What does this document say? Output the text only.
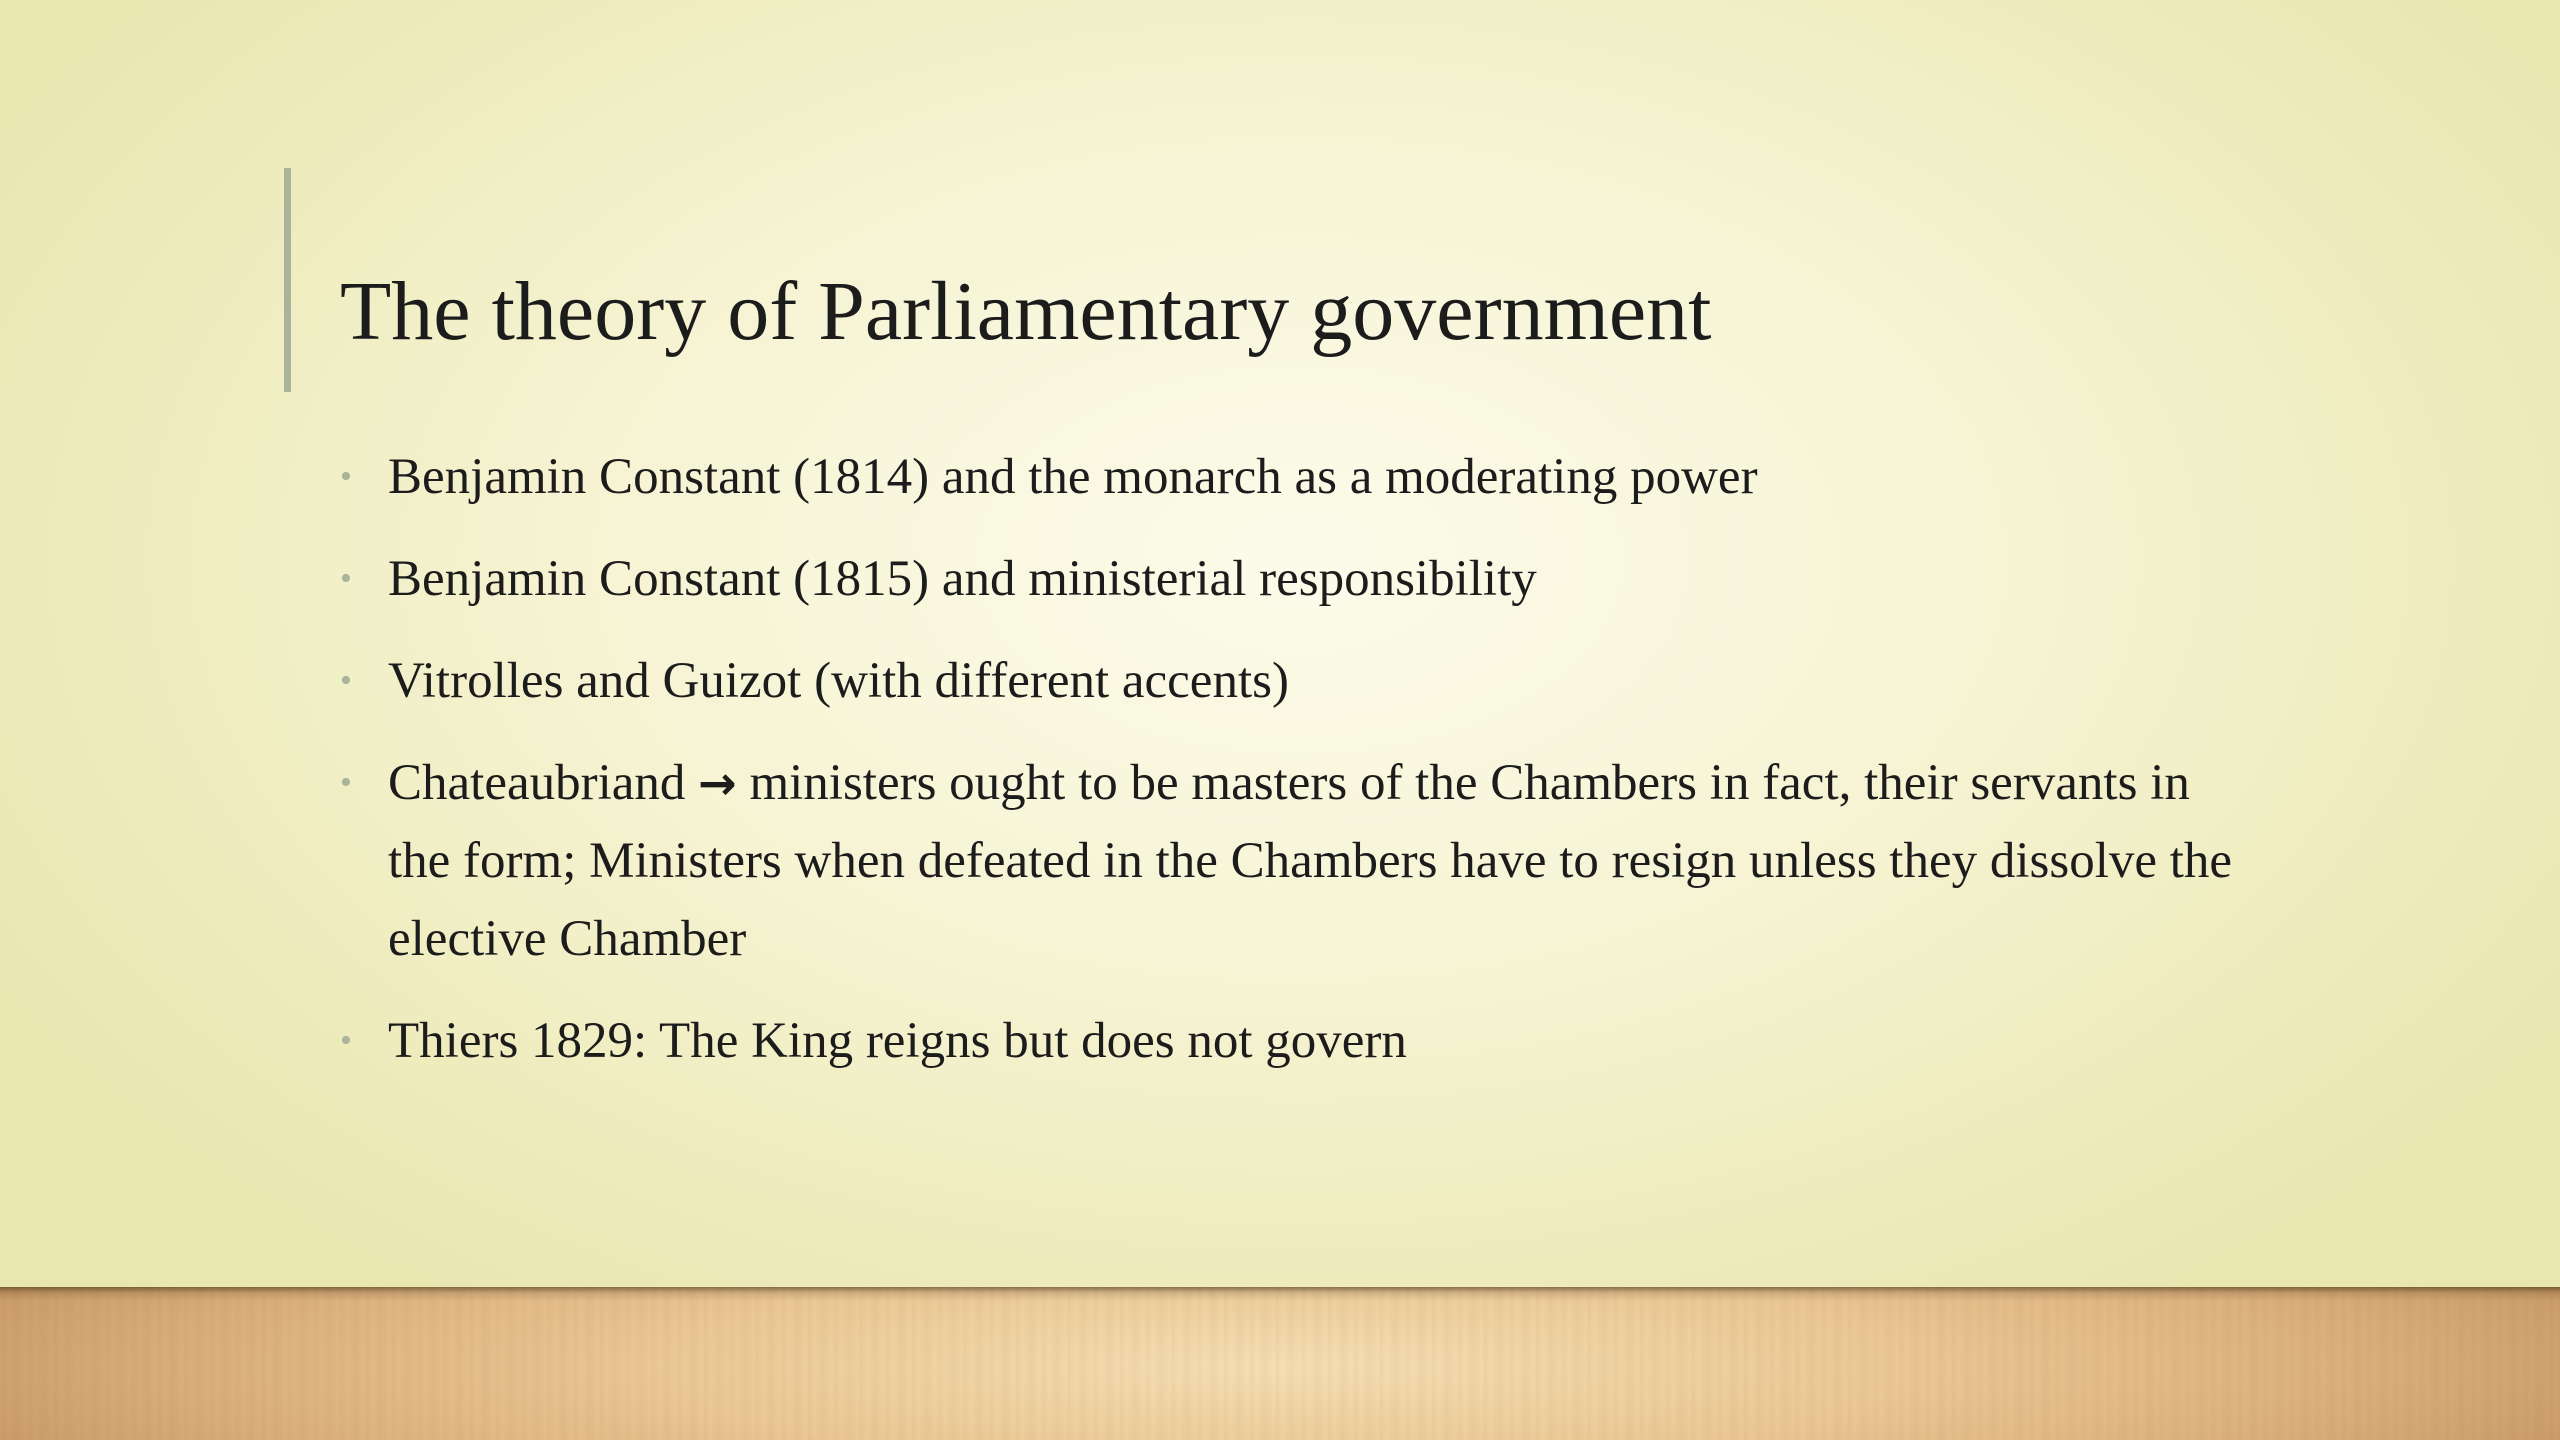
The theory of Parliamentary government
• Benjamin Constant (1814) and the monarch as a moderating power
• Benjamin Constant (1815) and ministerial responsibility
• Vitrolles and Guizot (with different accents)
• Chateaubriand → ministers ought to be masters of the Chambers in fact, their servants in the form; Ministers when defeated in the Chambers have to resign unless they dissolve the elective Chamber
• Thiers 1829: The King reigns but does not govern
